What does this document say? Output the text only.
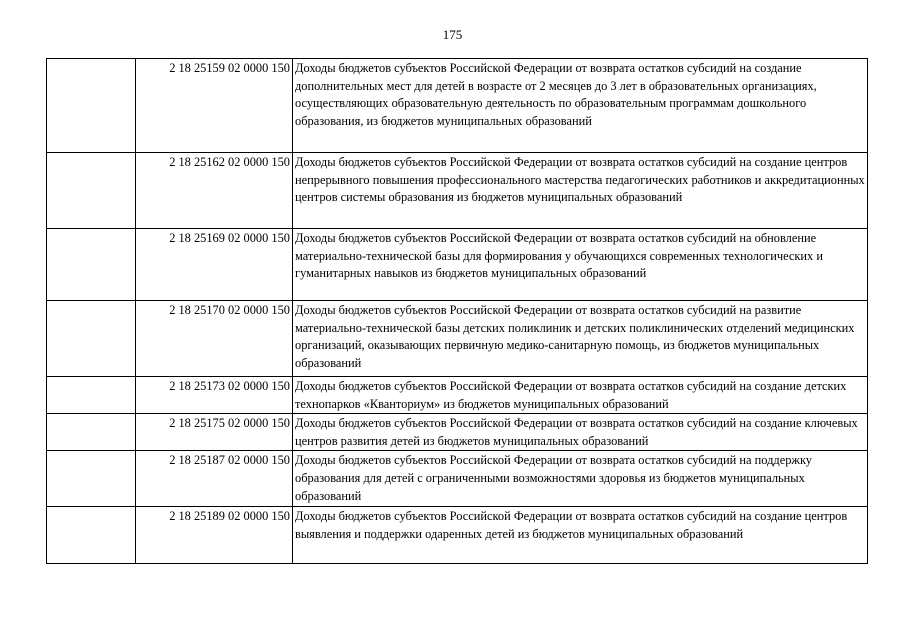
175
	2 18 25159 02 0000 150	Доходы бюджетов субъектов Российской Федерации от возврата остатков субсидий на создание дополнительных мест для детей в возрасте от 2 месяцев до 3 лет в образовательных организациях, осуществляющих образовательную деятельность по образовательным программам дошкольного образования, из бюджетов муниципальных образований
	2 18 25162 02 0000 150	Доходы бюджетов субъектов Российской Федерации от возврата остатков субсидий на создание центров непрерывного повышения профессионального мастерства педагогических работников и аккредитационных центров системы образования из бюджетов муниципальных образований
	2 18 25169 02 0000 150	Доходы бюджетов субъектов Российской Федерации от возврата остатков субсидий на обновление материально-технической базы для формирования у обучающихся современных технологических и гуманитарных навыков из бюджетов муниципальных образований
	2 18 25170 02 0000 150	Доходы бюджетов субъектов Российской Федерации от возврата остатков субсидий на развитие материально-технической базы детских поликлиник и детских поликлинических отделений медицинских организаций, оказывающих первичную медико-санитарную помощь, из бюджетов муниципальных образований
	2 18 25173 02 0000 150	Доходы бюджетов субъектов Российской Федерации от возврата остатков субсидий на создание детских технопарков «Кванториум» из бюджетов муниципальных образований
	2 18 25175 02 0000 150	Доходы бюджетов субъектов Российской Федерации от возврата остатков субсидий на создание ключевых центров развития детей из бюджетов муниципальных образований
	2 18 25187 02 0000 150	Доходы бюджетов субъектов Российской Федерации от возврата остатков субсидий на поддержку образования для детей с ограниченными возможностями здоровья из бюджетов муниципальных образований
	2 18 25189 02 0000 150	Доходы бюджетов субъектов Российской Федерации от возврата остатков субсидий на создание центров выявления и поддержки одаренных детей из бюджетов муниципальных образований
